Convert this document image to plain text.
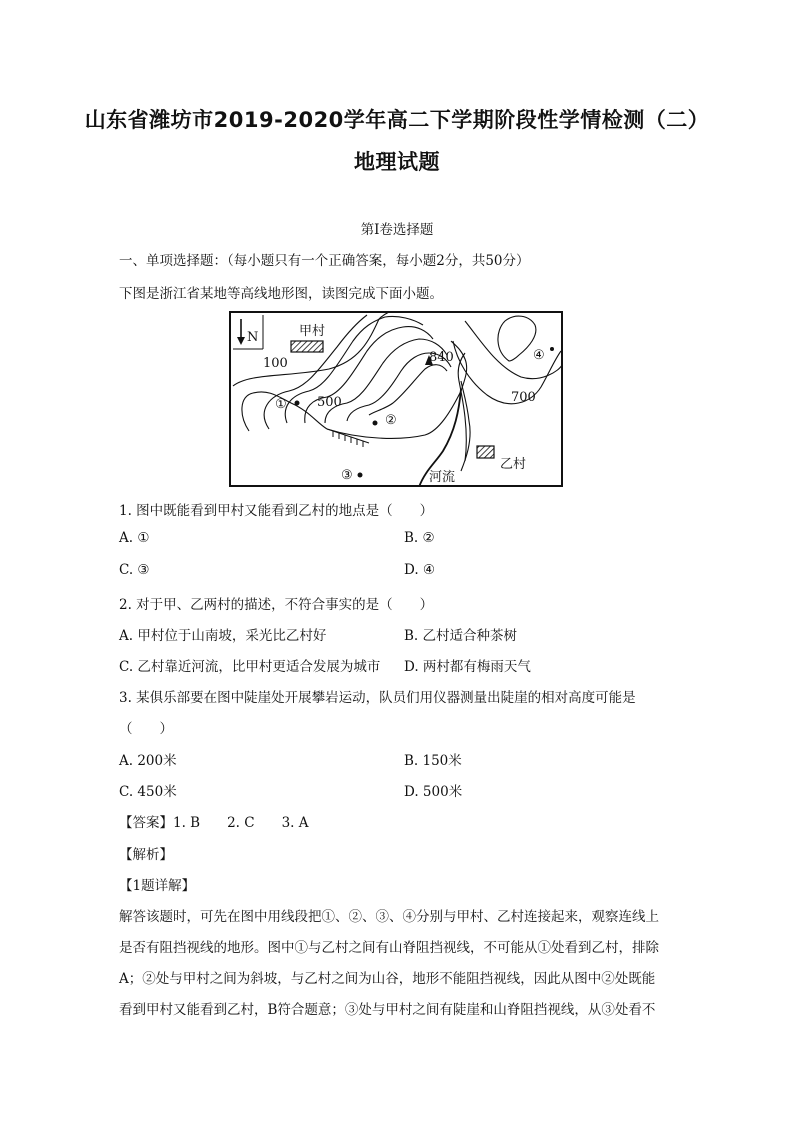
山东省潍坊市2019-2020学年高二下学期阶段性学情检测（二）
地理试题
第I卷选择题
一、单项选择题：（每小题只有一个正确答案，每小题2分，共50分）
下图是浙江省某地等高线地形图，读图完成下面小题。
N	甲村
乙村
840
100
500	700
①
②
③
④
河流
1. 图中既能看到甲村又能看到乙村的地点是（　　）
A. ①	B. ②
C. ③	D. ④
2. 对于甲、乙两村的描述，不符合事实的是（　　）
A. 甲村位于山南坡，采光比乙村好	B. 乙村适合种茶树
C. 乙村靠近河流，比甲村更适合发展为城市 D. 两村都有梅雨天气
3. 某俱乐部要在图中陡崖处开展攀岩运动，队员们用仪器测量出陡崖的相对高度可能是
（　　）
A. 200米	B. 150米
C. 450米	D. 500米
【答案】1. B　　2. C　　3. A
【解析】
【1题详解】
解答该题时，可先在图中用线段把①、②、③、④分别与甲村、乙村连接起来，观察连线上
是否有阻挡视线的地形。图中①与乙村之间有山脊阻挡视线，不可能从①处看到乙村，排除
A；②处与甲村之间为斜坡，与乙村之间为山谷，地形不能阻挡视线，因此从图中②处既能
看到甲村又能看到乙村，B符合题意；③处与甲村之间有陡崖和山脊阻挡视线，从③处看不
